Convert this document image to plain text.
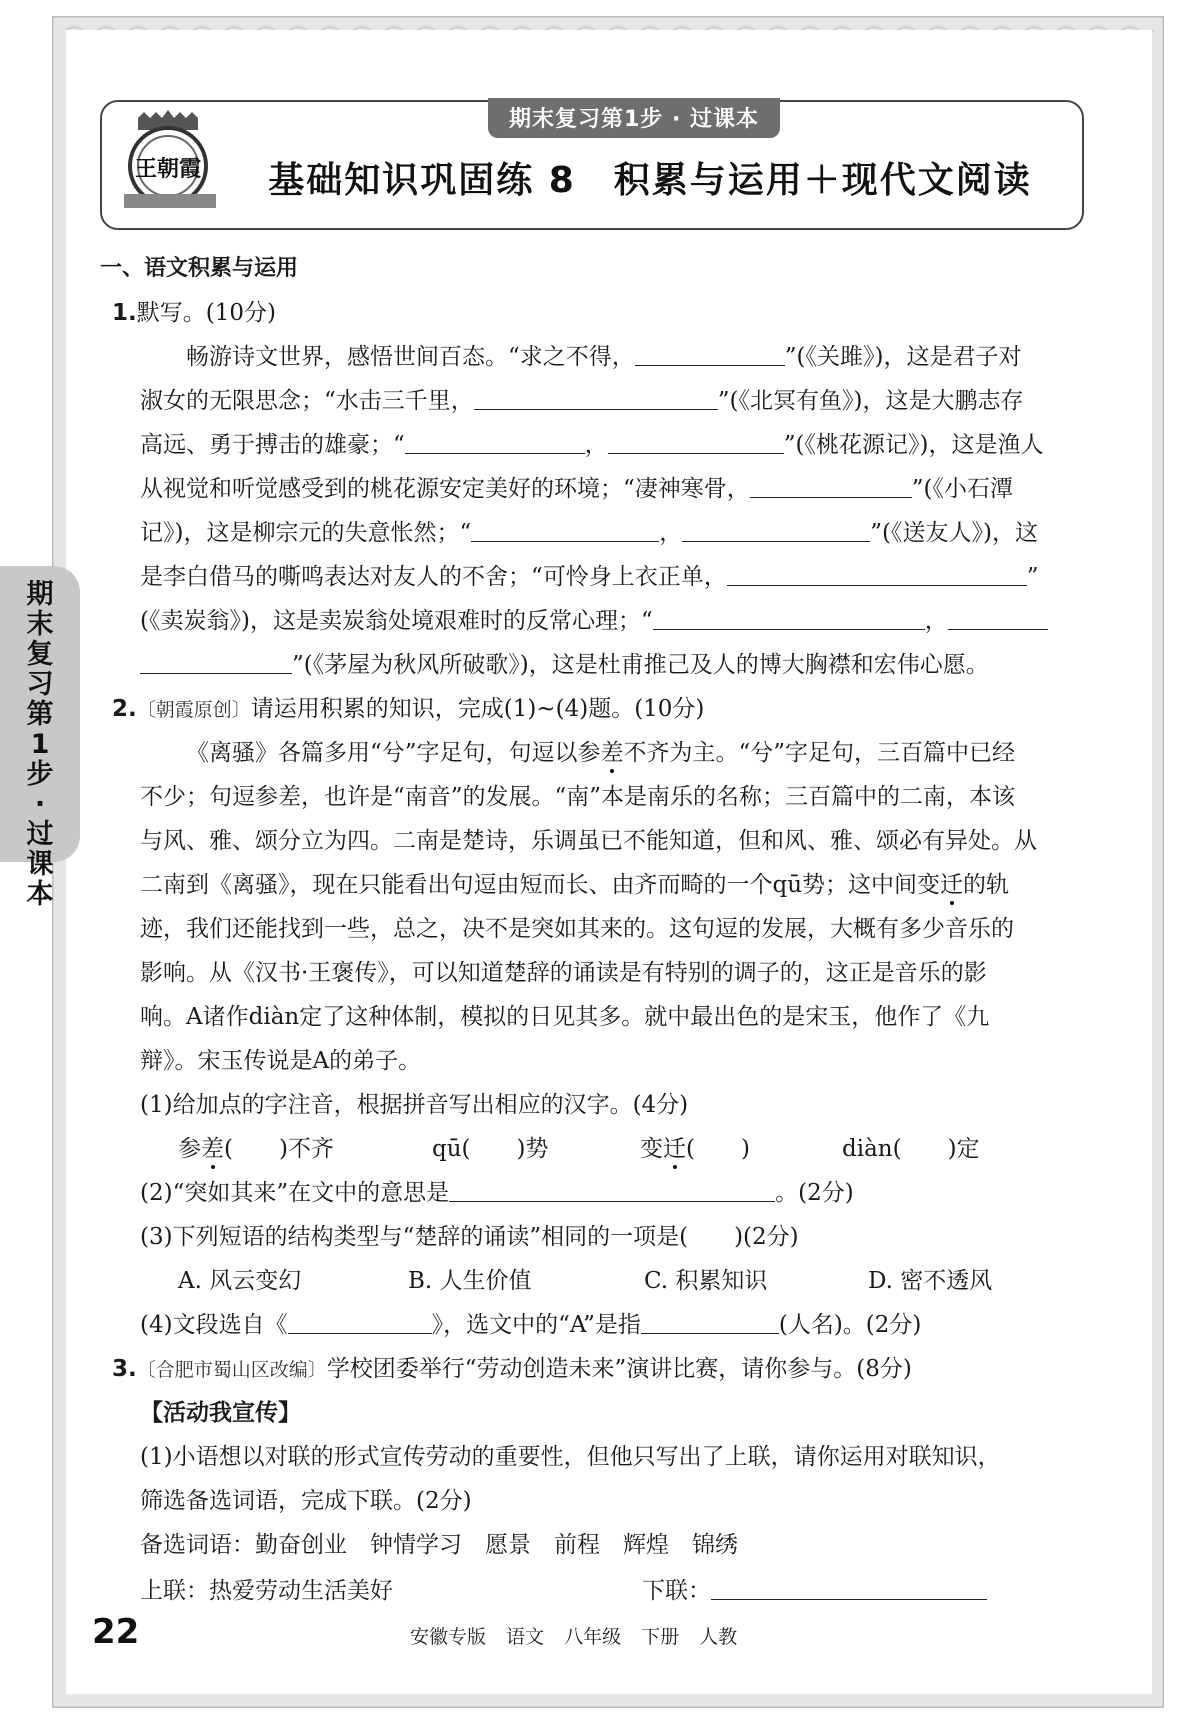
期末复习第1步·过课本
期末复习第1步 · 过课本
王朝霞	基础知识巩固练 8　积累与运用＋现代文阅读
一、语文积累与运用
1.默写。(10分)
畅游诗文世界，感悟世间百态。“求之不得，	”(《关雎》)，这是君子对
淑女的无限思念；“水击三千里，	”(《北冥有鱼》)，这是大鹏志存
高远、勇于搏击的雄豪；“	，	”(《桃花源记》)，这是渔人
从视觉和听觉感受到的桃花源安定美好的环境；“凄神寒骨，	”(《小石潭
记》)，这是柳宗元的失意怅然；“	，	”(《送友人》)，这
是李白借马的嘶鸣表达对友人的不舍；“可怜身上衣正单，	”
(《卖炭翁》)，这是卖炭翁处境艰难时的反常心理；“	，
”(《茅屋为秋风所破歌》)，这是杜甫推己及人的博大胸襟和宏伟心愿。
2.〔朝霞原创〕请运用积累的知识，完成(1)~(4)题。(10分)
《离骚》各篇多用“兮”字足句，句逗以参差不齐为主。“兮”字足句，三百篇中已经
不少；句逗参差，也许是“南音”的发展。“南”本是南乐的名称；三百篇中的二南，本该
与风、雅、颂分立为四。二南是楚诗，乐调虽已不能知道，但和风、雅、颂必有异处。从
二南到《离骚》，现在只能看出句逗由短而长、由齐而畸的一个qū势；这中间变迁的轨
迹，我们还能找到一些，总之，决不是突如其来的。这句逗的发展，大概有多少音乐的
影响。从《汉书·王褒传》，可以知道楚辞的诵读是有特别的调子的，这正是音乐的影
响。A诸作diàn定了这种体制，模拟的日见其多。就中最出色的是宋玉，他作了《九
辩》。宋玉传说是A的弟子。
(1)给加点的字注音，根据拼音写出相应的汉字。(4分)
参差(　　)不齐	qū(　　)势	变迁(　　)	diàn(　　)定
(2)“突如其来”在文中的意思是	。(2分)
(3)下列短语的结构类型与“楚辞的诵读”相同的一项是(　　)(2分)
A. 风云变幻	B. 人生价值	C. 积累知识	D. 密不透风
(4)文段选自《	》，选文中的“A”是指	(人名)。(2分)
3.〔合肥市蜀山区改编〕学校团委举行“劳动创造未来”演讲比赛，请你参与。(8分)
【活动我宣传】
(1)小语想以对联的形式宣传劳动的重要性，但他只写出了上联，请你运用对联知识，
筛选备选词语，完成下联。(2分)
备选词语：勤奋创业　 钟情学习　 愿景　 前程　 辉煌　 锦绣
上联：热爱劳动生活美好	下联：
22	安徽专版 语文 八年级 下册 人教
